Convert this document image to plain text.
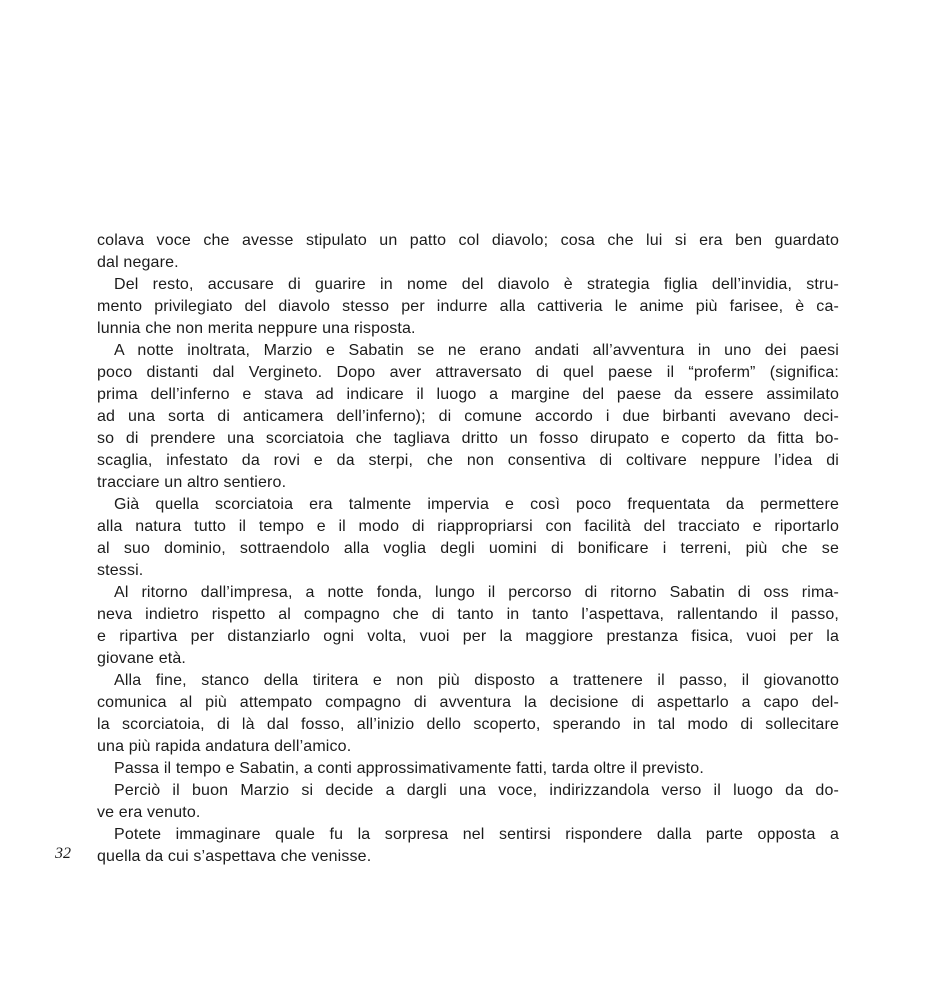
colava voce che avesse stipulato un patto col diavolo; cosa che lui si era ben guardato
dal negare.

Del resto, accusare di guarire in nome del diavolo è strategia figlia dell’invidia, stru-
mento privilegiato del diavolo stesso per indurre alla cattiveria le anime più farisee, è ca-
lunnia che non merita neppure una risposta.

A notte inoltrata, Marzio e Sabatin se ne erano andati all’avventura in uno dei paesi
poco distanti dal Vergineto. Dopo aver attraversato di quel paese il “proferm” (significa:
prima dell’inferno e stava ad indicare il luogo a margine del paese da essere assimilato
ad una sorta di anticamera dell’inferno); di comune accordo i due birbanti avevano deci-
so di prendere una scorciatoia che tagliava dritto un fosso dirupato e coperto da fitta bo-
scaglia, infestato da rovi e da sterpi, che non consentiva di coltivare neppure l’idea di
tracciare un altro sentiero.

Già quella scorciatoia era talmente impervia e così poco frequentata da permettere
alla natura tutto il tempo e il modo di riappropriarsi con facilità del tracciato e riportarlo
al suo dominio, sottraendolo alla voglia degli uomini di bonificare i terreni, più che se
stessi.

Al ritorno dall’impresa, a notte fonda, lungo il percorso di ritorno Sabatin di oss rima-
neva indietro rispetto al compagno che di tanto in tanto l’aspettava, rallentando il passo,
e ripartiva per distanziarlo ogni volta, vuoi per la maggiore prestanza fisica, vuoi per la
giovane età.

Alla fine, stanco della tiritera e non più disposto a trattenere il passo, il giovanotto
comunica al più attempato compagno di avventura la decisione di aspettarlo a capo del-
la scorciatoia, di là dal fosso, all’inizio dello scoperto, sperando in tal modo di sollecitare
una più rapida andatura dell’amico.

Passa il tempo e Sabatin, a conti approssimativamente fatti, tarda oltre il previsto.

Perciò il buon Marzio si decide a dargli una voce, indirizzandola verso il luogo da do-
ve era venuto.

Potete immaginare quale fu la sorpresa nel sentirsi rispondere dalla parte opposta a
quella da cui s’aspettava che venisse.

32
